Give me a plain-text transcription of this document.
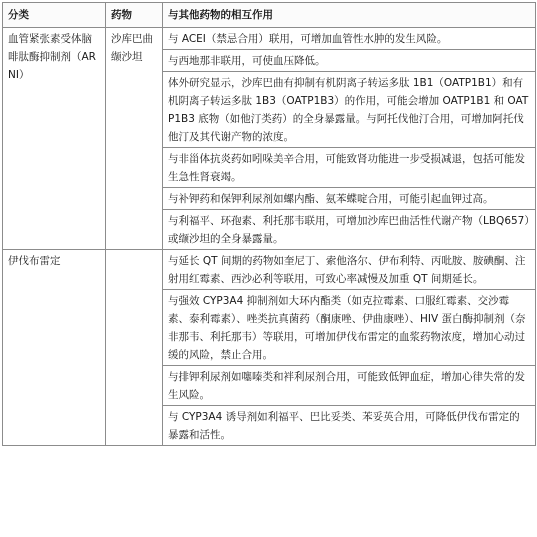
分类	药物	与其他药物的相互作用
血管紧张素受体脑啡肽酶抑制剂（ARNI）	沙库巴曲缬沙坦	与 ACEI（禁忌合用）联用，可增加血管性水肿的发生风险。
		与西地那非联用，可使血压降低。
		体外研究显示，沙库巴曲有抑制有机阴离子转运多肽 1B1（OATP1B1）和有机阴离子转运多肽 1B3（OATP1B3）的作用，可能会增加 OATP1B1 和 OATP1B3 底物（如他汀类药）的全身暴露量。与阿托伐他汀合用，可增加阿托伐他汀及其代谢产物的浓度。
		与非甾体抗炎药如吲哚美辛合用，可能致肾功能进一步受损减退，包括可能发生急性肾衰竭。
		与补钾药和保钾利尿剂如螺内酯、氨苯蝶啶合用，可能引起血钾过高。
		与利福平、环孢素、利托那韦联用，可增加沙库巴曲活性代谢产物（LBQ657）或缬沙坦的全身暴露量。
伊伐布雷定		与延长 QT 间期的药物如奎尼丁、索他洛尔、伊布利特、丙吡胺、胺碘酮、注射用红霉素、西沙必利等联用，可致心率减慢及加重 QT 间期延长。
		与强效 CYP3A4 抑制剂如大环内酯类（如克拉霉素、口服红霉素、交沙霉素、泰利霉素）、唑类抗真菌药（酮康唑、伊曲康唑）、HIV 蛋白酶抑制剂（奈非那韦、利托那韦）等联用，可增加伊伐布雷定的血浆药物浓度，增加心动过缓的风险，禁止合用。
		与排钾利尿剂如噻嗪类和袢利尿剂合用，可能致低钾血症，增加心律失常的发生风险。
		与 CYP3A4 诱导剂如利福平、巴比妥类、苯妥英合用，可降低伊伐布雷定的暴露和活性。
